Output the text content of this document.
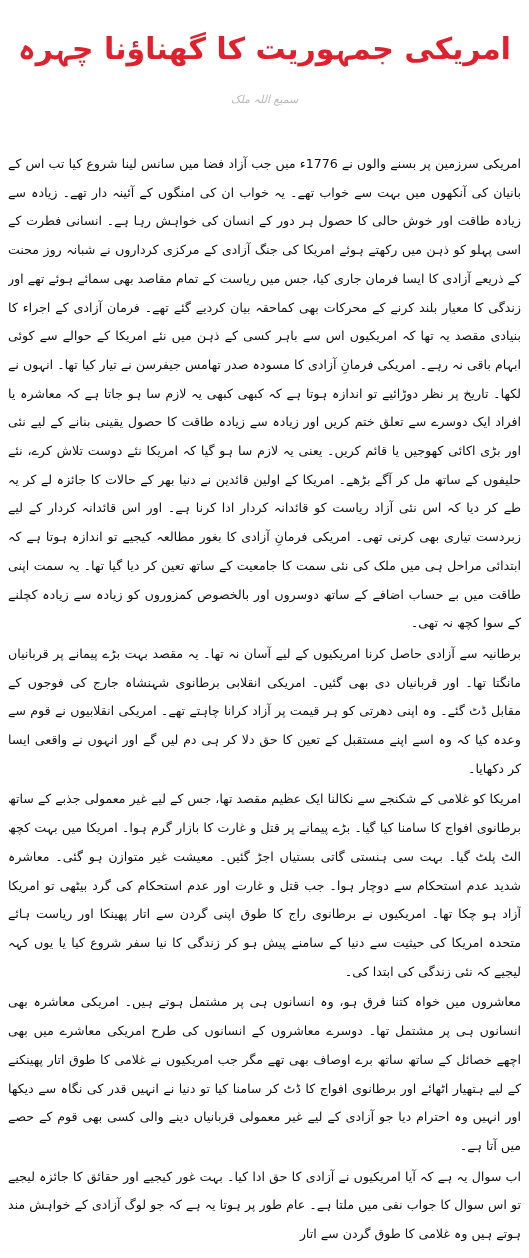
امریکی جمہوریت کا گھناؤنا چہرہ
سمیع اللہ ملک

امریکی سرزمین پر بسنے والوں نے 1776ء میں جب آزاد فضا میں سانس لینا شروع کیا تب اس کے بانیان کی آنکھوں میں بہت سے خواب تھے۔ یہ خواب ان کی امنگوں کے آئینہ دار تھے۔ زیادہ سے زیادہ طاقت اور خوش حالی کا حصول ہر دور کے انسان کی خواہش رہا ہے۔ انسانی فطرت کے اسی پہلو کو ذہن میں رکھتے ہوئے امریکا کی جنگ آزادی کے مرکزی کرداروں نے شبانہ روز محنت کے ذریعے آزادی کا ایسا فرمان جاری کیا، جس میں ریاست کے تمام مقاصد بھی سمائے ہوئے تھے اور زندگی کا معیار بلند کرنے کے محرکات بھی کماحقہ بیان کردیے گئے تھے۔ فرمان آزادی کے اجراء کا بنیادی مقصد یہ تھا کہ امریکیوں اس سے باہر کسی کے ذہن میں نئے امریکا کے حوالے سے کوئی ابہام باقی نہ رہے۔ امریکی فرمانِ آزادی کا مسودہ صدر تھامس جیفرسن نے تیار کیا تھا۔ انہوں نے لکھا۔ تاریخ پر نظر دوڑائیے تو اندازہ ہوتا ہے کہ کبھی کبھی یہ لازم سا ہو جاتا ہے کہ معاشرہ یا افراد ایک دوسرے سے تعلق ختم کریں اور زیادہ سے زیادہ طاقت کا حصول یقینی بنانے کے لیے نئی اور بڑی اکائی کھوجیں یا قائم کریں۔ یعنی یہ لازم سا ہو گیا کہ امریکا نئے دوست تلاش کرے، نئے حلیفوں کے ساتھ مل کر آگے بڑھے۔ امریکا کے اولین قائدین نے دنیا بھر کے حالات کا جائزہ لے کر یہ طے کر دیا کہ اس نئی آزاد ریاست کو قائدانہ کردار ادا کرنا ہے۔ اور اس قائدانہ کردار کے لیے زبردست تیاری بھی کرنی تھی۔ امریکی فرمانِ آزادی کا بغور مطالعہ کیجیے تو اندازہ ہوتا ہے کہ ابتدائی مراحل ہی میں ملک کی نئی سمت کا جامعیت کے ساتھ تعین کر دیا گیا تھا۔ یہ سمت اپنی طاقت میں بے حساب اضافے کے ساتھ دوسروں اور بالخصوص کمزوروں کو زیادہ سے زیادہ کچلنے کے سوا کچھ نہ تھی۔

برطانیہ سے آزادی حاصل کرنا امریکیوں کے لیے آسان نہ تھا۔ یہ مقصد بہت بڑے پیمانے پر قربانیاں مانگتا تھا۔ اور قربانیاں دی بھی گئیں۔ امریکی انقلابی برطانوی شہنشاہ جارج کی فوجوں کے مقابل ڈٹ گئے۔ وہ اپنی دھرتی کو ہر قیمت پر آزاد کرانا چاہتے تھے۔ امریکی انقلابیوں نے قوم سے وعدہ کیا کہ وہ اسے اپنے مستقبل کے تعین کا حق دلا کر ہی دم لیں گے اور انہوں نے واقعی ایسا کر دکھایا۔

امریکا کو غلامی کے شکنجے سے نکالنا ایک عظیم مقصد تھا، جس کے لیے غیر معمولی جذبے کے ساتھ برطانوی افواج کا سامنا کیا گیا۔ بڑے پیمانے پر قتل و غارت کا بازار گرم ہوا۔ امریکا میں بہت کچھ الٹ پلٹ گیا۔ بہت سی ہنستی گاتی بستیاں اجڑ گئیں۔ معیشت غیر متوازن ہو گئی۔ معاشرہ شدید عدم استحکام سے دوچار ہوا۔ جب قتل و غارت اور عدم استحکام کی گرد بیٹھی تو امریکا آزاد ہو چکا تھا۔ امریکیوں نے برطانوی راج کا طوق اپنی گردن سے اتار پھینکا اور ریاست ہائے متحدہ امریکا کی حیثیت سے دنیا کے سامنے پیش ہو کر زندگی کا نیا سفر شروع کیا یا یوں کہہ لیجیے کہ نئی زندگی کی ابتدا کی۔

معاشروں میں خواہ کتنا فرق ہو، وہ انسانوں ہی پر مشتمل ہوتے ہیں۔ امریکی معاشرہ بھی انسانوں ہی پر مشتمل تھا۔ دوسرے معاشروں کے انسانوں کی طرح امریکی معاشرے میں بھی اچھے خصائل کے ساتھ ساتھ برے اوصاف بھی تھے مگر جب امریکیوں نے غلامی کا طوق اتار پھینکنے کے لیے ہتھیار اٹھائے اور برطانوی افواج کا ڈٹ کر سامنا کیا تو دنیا نے انہیں قدر کی نگاہ سے دیکھا اور انہیں وہ احترام دیا جو آزادی کے لیے غیر معمولی قربانیاں دینے والی کسی بھی قوم کے حصے میں آتا ہے۔

اب سوال یہ ہے کہ آیا امریکیوں نے آزادی کا حق ادا کیا۔ بہت غور کیجیے اور حقائق کا جائزہ لیجیے تو اس سوال کا جواب نفی میں ملتا ہے۔ عام طور پر ہوتا یہ ہے کہ جو لوگ آزادی کے خواہش مند ہوتے ہیں وہ غلامی کا طوق گردن سے اتار
